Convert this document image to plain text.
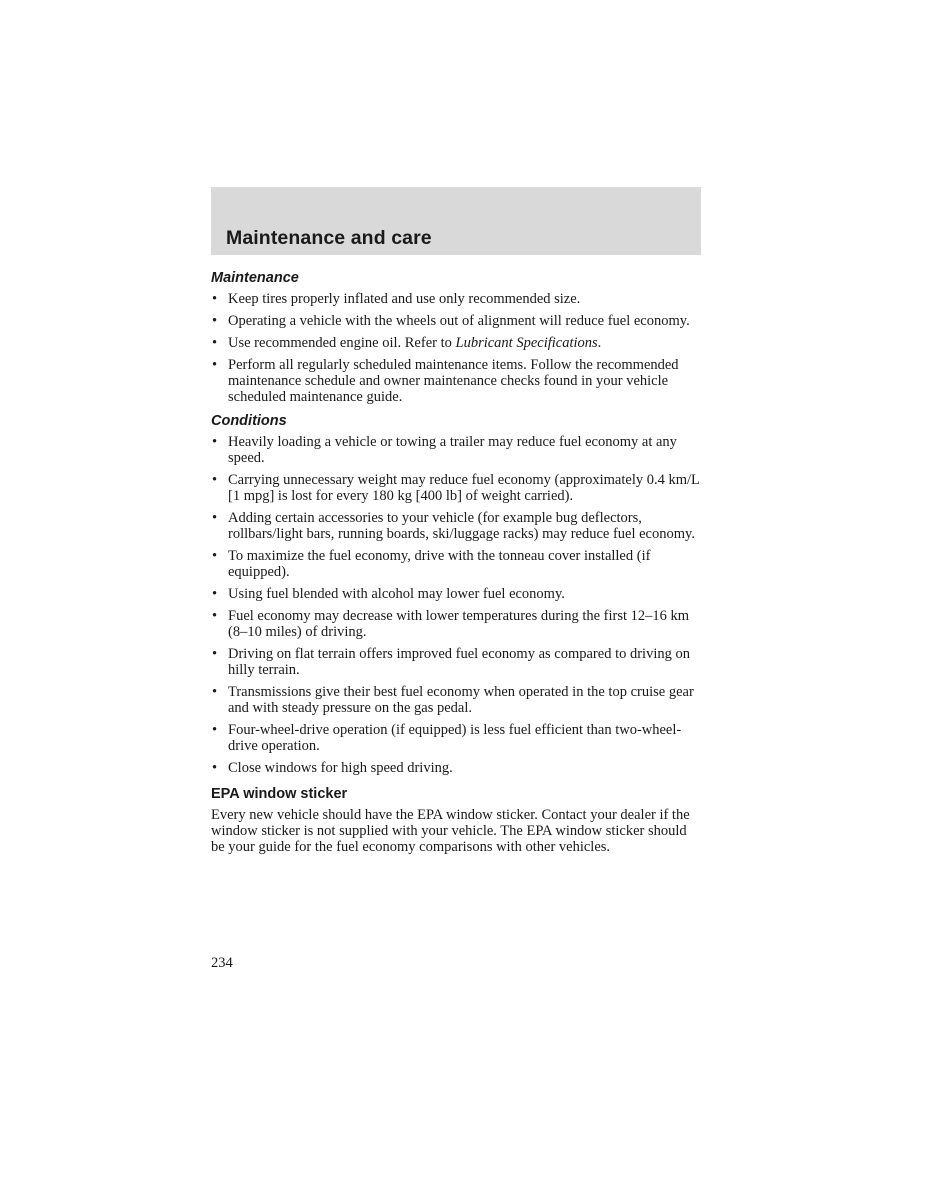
Maintenance and care
Maintenance
• Keep tires properly inflated and use only recommended size.
• Operating a vehicle with the wheels out of alignment will reduce fuel economy.
• Use recommended engine oil. Refer to Lubricant Specifications.
• Perform all regularly scheduled maintenance items. Follow the recommended maintenance schedule and owner maintenance checks found in your vehicle scheduled maintenance guide.
Conditions
• Heavily loading a vehicle or towing a trailer may reduce fuel economy at any speed.
• Carrying unnecessary weight may reduce fuel economy (approximately 0.4 km/L [1 mpg] is lost for every 180 kg [400 lb] of weight carried).
• Adding certain accessories to your vehicle (for example bug deflectors, rollbars/light bars, running boards, ski/luggage racks) may reduce fuel economy.
• To maximize the fuel economy, drive with the tonneau cover installed (if equipped).
• Using fuel blended with alcohol may lower fuel economy.
• Fuel economy may decrease with lower temperatures during the first 12–16 km (8–10 miles) of driving.
• Driving on flat terrain offers improved fuel economy as compared to driving on hilly terrain.
• Transmissions give their best fuel economy when operated in the top cruise gear and with steady pressure on the gas pedal.
• Four-wheel-drive operation (if equipped) is less fuel efficient than two-wheel-drive operation.
• Close windows for high speed driving.
EPA window sticker

Every new vehicle should have the EPA window sticker. Contact your dealer if the window sticker is not supplied with your vehicle. The EPA window sticker should be your guide for the fuel economy comparisons with other vehicles.

234
